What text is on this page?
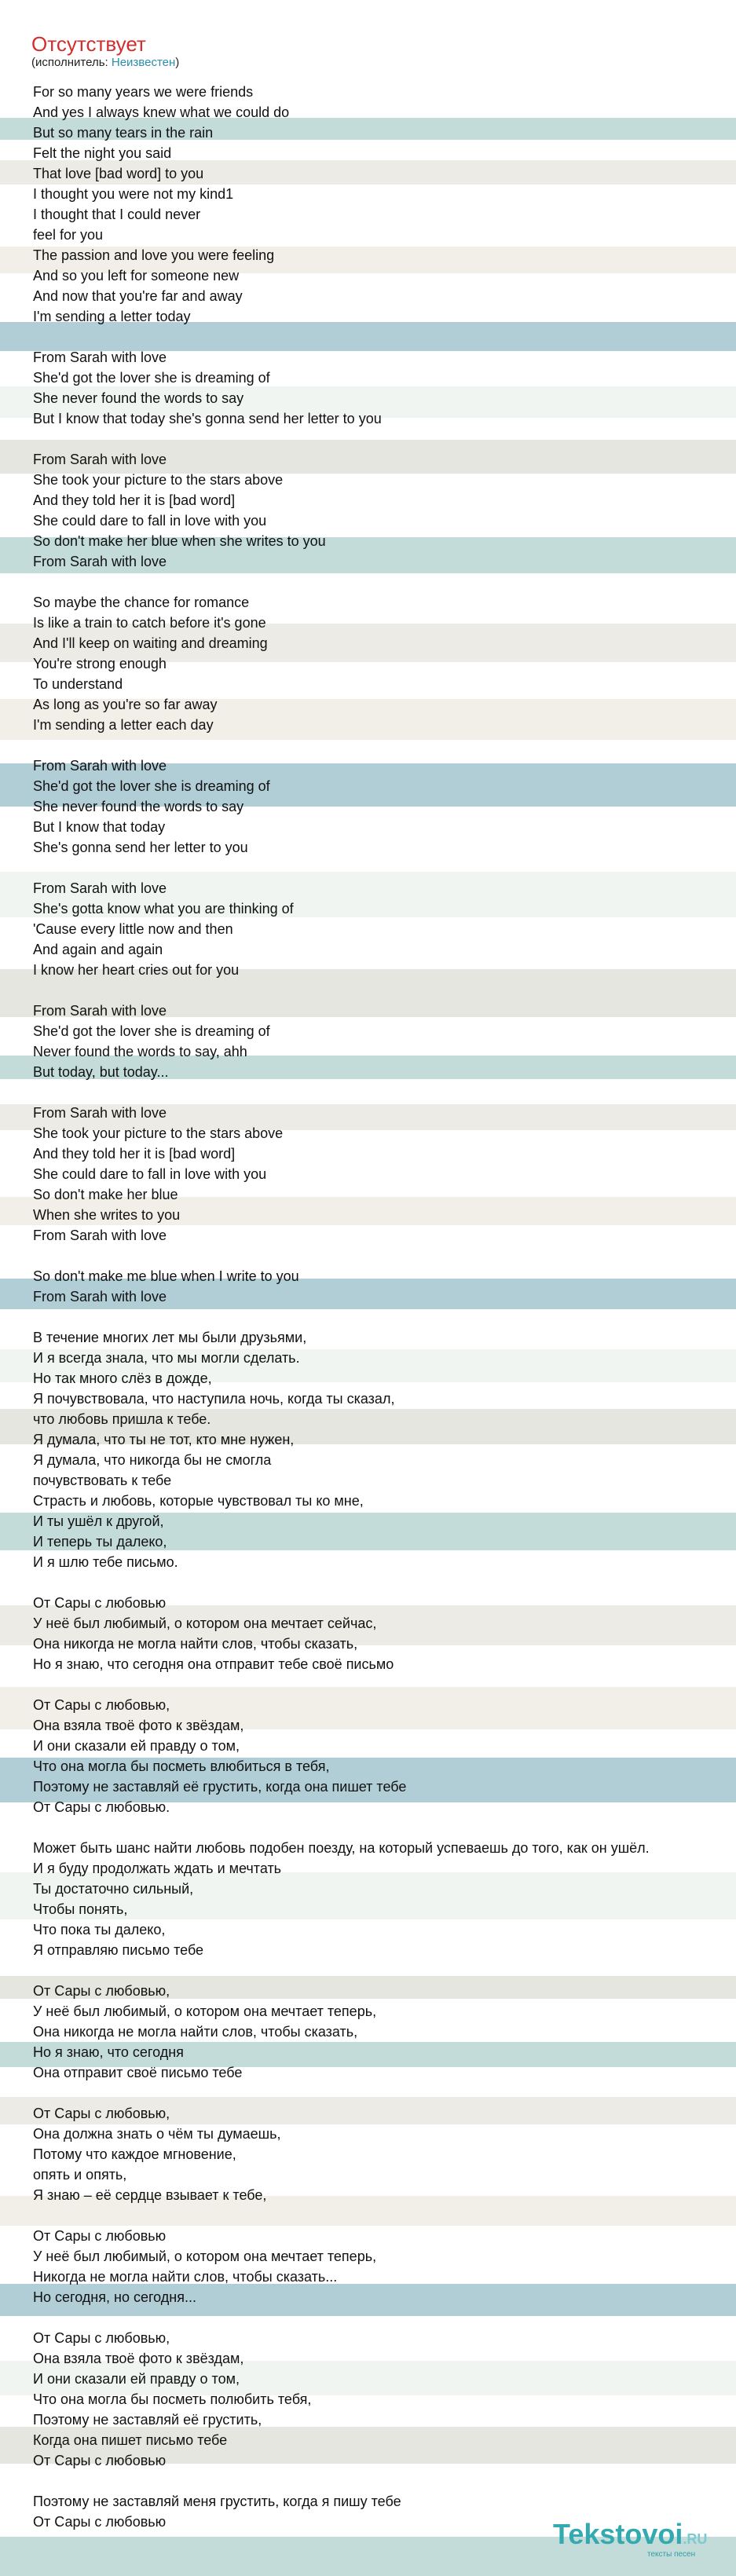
Отсутствует
(исполнитель: Неизвестен)
For so many years we were friends
And yes I always knew what we could do
But so many tears in the rain
Felt the night you said
That love [bad word] to you
I thought you were not my kind1
I thought that I could never
feel for you
The passion and love you were feeling
And so you left for someone new
And now that you're far and away
I'm sending a letter today
From Sarah with love
She'd got the lover she is dreaming of
She never found the words to say
But I know that today she's gonna send her letter to you
From Sarah with love
She took your picture to the stars above
And they told her it is [bad word]
She could dare to fall in love with you
So don't make her blue when she writes to you
From Sarah with love
So maybe the chance for romance
Is like a train to catch before it's gone
And I'll keep on waiting and dreaming
You're strong enough
To understand
As long as you're so far away
I'm sending a letter each day
From Sarah with love
She'd got the lover she is dreaming of
She never found the words to say
But I know that today
She's gonna send her letter to you
From Sarah with love
She's gotta know what you are thinking of
'Cause every little now and then
And again and again
I know her heart cries out for you
From Sarah with love
She'd got the lover she is dreaming of
Never found the words to say, ahh
But today, but today...
From Sarah with love
She took your picture to the stars above
And they told her it is [bad word]
She could dare to fall in love with you
So don't make her blue
When she writes to you
From Sarah with love
So don't make me blue when I write to you
From Sarah with love
В течение многих лет мы были друзьями,
И я всегда знала, что мы могли сделать.
Но так много слёз в дожде,
Я почувствовала, что наступила ночь, когда ты сказал,
что любовь пришла к тебе.
Я думала, что ты не тот, кто мне нужен,
Я думала, что никогда бы не смогла
почувствовать к тебе
Страсть и любовь, которые чувствовал ты ко мне,
И ты ушёл к другой,
И теперь ты далеко,
И я шлю тебе письмо.
От Сары с любовью
У неё был любимый, о котором она мечтает сейчас,
Она никогда не могла найти слов, чтобы сказать,
Но я знаю, что сегодня она отправит тебе своё письмо
От Сары с любовью,
Она взяла твоё фото к звёздам,
И они сказали ей правду о том,
Что она могла бы посметь влюбиться в тебя,
Поэтому не заставляй её грустить, когда она пишет тебе
От Сары с любовью.
Может быть шанс найти любовь подобен поезду, на который успеваешь до того, как он ушёл.
И я буду продолжать ждать и мечтать
Ты достаточно сильный,
Чтобы понять,
Что пока ты далеко,
Я отправляю письмо тебе
От Сары с любовью,
У неё был любимый, о котором она мечтает теперь,
Она никогда не могла найти слов, чтобы сказать,
Но я знаю, что сегодня
Она отправит своё письмо тебе
От Сары с любовью,
Она должна знать о чём ты думаешь,
Потому что каждое мгновение,
опять и опять,
Я знаю – её сердце взывает к тебе,
От Сары с любовью
У неё был любимый, о котором она мечтает теперь,
Никогда не могла найти слов, чтобы сказать...
Но сегодня, но сегодня...
От Сары с любовью,
Она взяла твоё фото к звёздам,
И они сказали ей правду о том,
Что она могла бы посметь полюбить тебя,
Поэтому не заставляй её грустить,
Когда она пишет письмо тебе
От Сары с любовью
Поэтому не заставляй меня грустить, когда я пишу тебе
От Сары с любовью	Tekstovoi.RU
тексты песен
